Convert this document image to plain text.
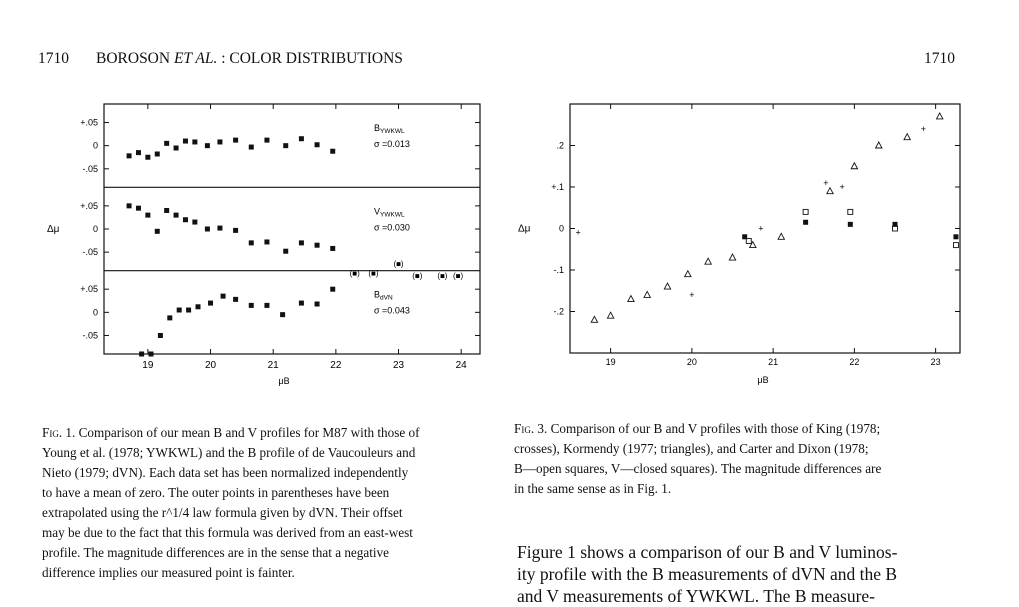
1710 BOROSON ET AL. : COLOR DISTRIBUTIONS	1710
+.05
0
-.05
$B_{YWKWL}$
σ =0.013
+.05
0
-.05
$V_{YWKWL}$
σ =0.030
+.05
0
-.05
(■) (■)
(■)
(■) (■) (■)
$B_{dVN}$
σ =0.043
19	20	21	22	23	24
μB
Δμ
.2
+.1
0
-.1
-.2
19	20	21	22	23
μB
Δμ	+
+
+
+ +
+
Fig. 1. Comparison of our mean B and V profiles for M87 with those of
Young et al. (1978; YWKWL) and the B profile of de Vaucouleurs and
Nieto (1979; dVN). Each data set has been normalized independently
to have a mean of zero. The outer points in parentheses have been
extrapolated using the r^1/4 law formula given by dVN. Their offset
may be due to the fact that this formula was derived from an east-west
profile. The magnitude differences are in the sense that a negative
difference implies our measured point is fainter.
Fig. 3. Comparison of our B and V profiles with those of King (1978;
crosses), Kormendy (1977; triangles), and Carter and Dixon (1978;
B—open squares, V—closed squares). The magnitude differences are
in the same sense as in Fig. 1.
Figure 1 shows a comparison of our B and V luminos-
ity profile with the B measurements of dVN and the B
and V measurements of YWKWL. The B measure-
